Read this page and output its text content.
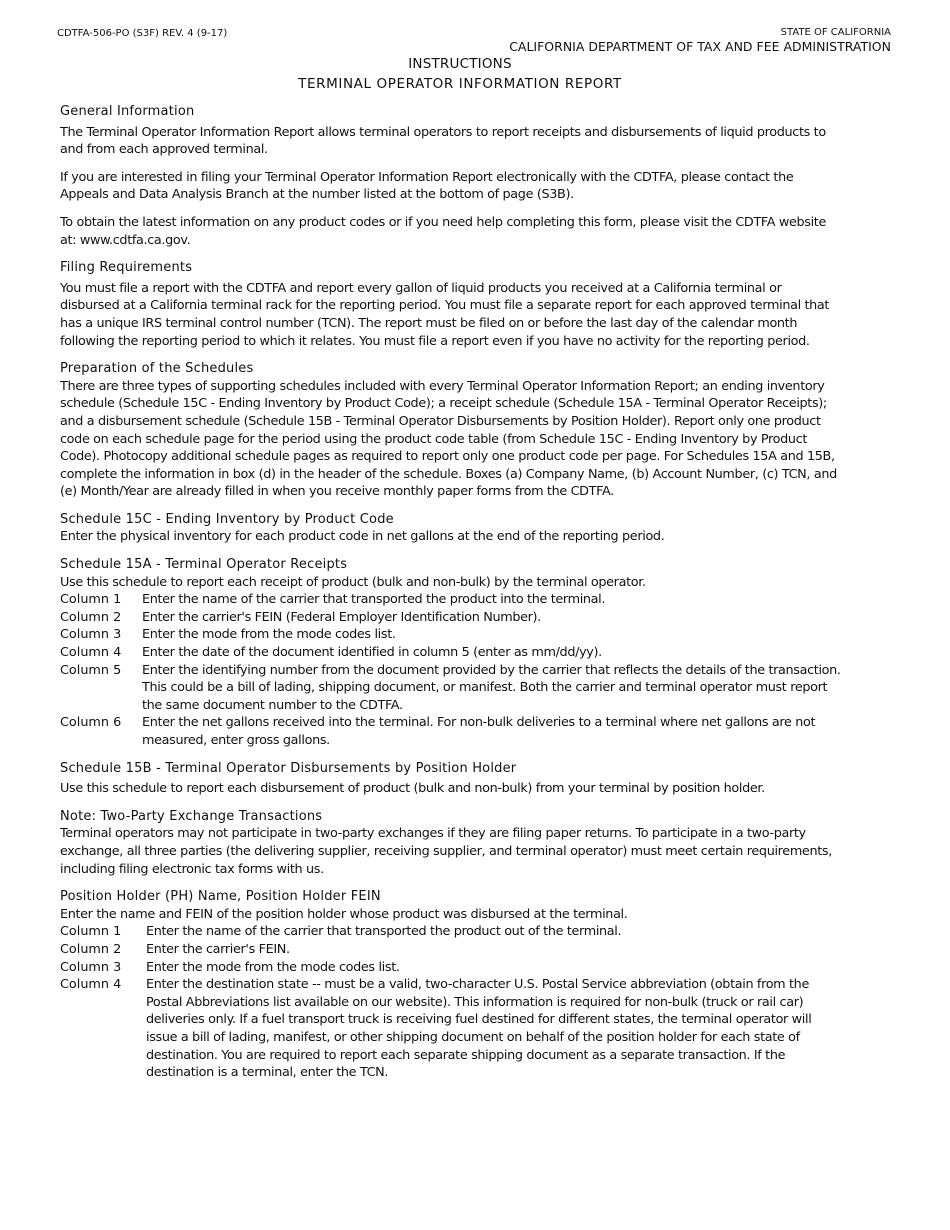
CDTFA-506-PO (S3F) REV. 4 (9-17)	STATE OF CALIFORNIA
CALIFORNIA DEPARTMENT OF TAX AND FEE ADMINISTRATION
INSTRUCTIONS
TERMINAL OPERATOR INFORMATION REPORT

General Information

The Terminal Operator Information Report allows terminal operators to report receipts and disbursements of liquid products to and from each approved terminal.

If you are interested in filing your Terminal Operator Information Report electronically with the CDTFA, please contact the Appeals and Data Analysis Branch at the number listed at the bottom of page (S3B).

To obtain the latest information on any product codes or if you need help completing this form, please visit the CDTFA website at: www.cdtfa.ca.gov.

Filing Requirements

You must file a report with the CDTFA and report every gallon of liquid products you received at a California terminal or disbursed at a California terminal rack for the reporting period. You must file a separate report for each approved terminal that has a unique IRS terminal control number (TCN). The report must be filed on or before the last day of the calendar month following the reporting period to which it relates. You must file a report even if you have no activity for the reporting period.

Preparation of the Schedules

There are three types of supporting schedules included with every Terminal Operator Information Report; an ending inventory schedule (Schedule 15C - Ending Inventory by Product Code); a receipt schedule (Schedule 15A - Terminal Operator Receipts); and a disbursement schedule (Schedule 15B - Terminal Operator Disbursements by Position Holder). Report only one product code on each schedule page for the period using the product code table (from Schedule 15C - Ending Inventory by Product Code). Photocopy additional schedule pages as required to report only one product code per page. For Schedules 15A and 15B, complete the information in box (d) in the header of the schedule. Boxes (a) Company Name, (b) Account Number, (c) TCN, and (e) Month/Year are already filled in when you receive monthly paper forms from the CDTFA.

Schedule 15C - Ending Inventory by Product Code

Enter the physical inventory for each product code in net gallons at the end of the reporting period.

Schedule 15A - Terminal Operator Receipts

Use this schedule to report each receipt of product (bulk and non-bulk) by the terminal operator.

Column 1	Enter the name of the carrier that transported the product into the terminal.
Column 2	Enter the carrier's FEIN (Federal Employer Identification Number).
Column 3	Enter the mode from the mode codes list.
Column 4	Enter the date of the document identified in column 5 (enter as mm/dd/yy).
Column 5	Enter the identifying number from the document provided by the carrier that reflects the details of the transaction. This could be a bill of lading, shipping document, or manifest. Both the carrier and terminal operator must report the same document number to the CDTFA.
Column 6	Enter the net gallons received into the terminal. For non-bulk deliveries to a terminal where net gallons are not measured, enter gross gallons.

Schedule 15B - Terminal Operator Disbursements by Position Holder

Use this schedule to report each disbursement of product (bulk and non-bulk) from your terminal by position holder.

Note: Two-Party Exchange Transactions

Terminal operators may not participate in two-party exchanges if they are filing paper returns. To participate in a two-party exchange, all three parties (the delivering supplier, receiving supplier, and terminal operator) must meet certain requirements, including filing electronic tax forms with us.

Position Holder (PH) Name, Position Holder FEIN

Enter the name and FEIN of the position holder whose product was disbursed at the terminal.

Column 1	Enter the name of the carrier that transported the product out of the terminal.
Column 2	Enter the carrier's FEIN.
Column 3	Enter the mode from the mode codes list.
Column 4	Enter the destination state -- must be a valid, two-character U.S. Postal Service abbreviation (obtain from the Postal Abbreviations list available on our website). This information is required for non-bulk (truck or rail car) deliveries only. If a fuel transport truck is receiving fuel destined for different states, the terminal operator will issue a bill of lading, manifest, or other shipping document on behalf of the position holder for each state of destination. You are required to report each separate shipping document as a separate transaction. If the destination is a terminal, enter the TCN.
